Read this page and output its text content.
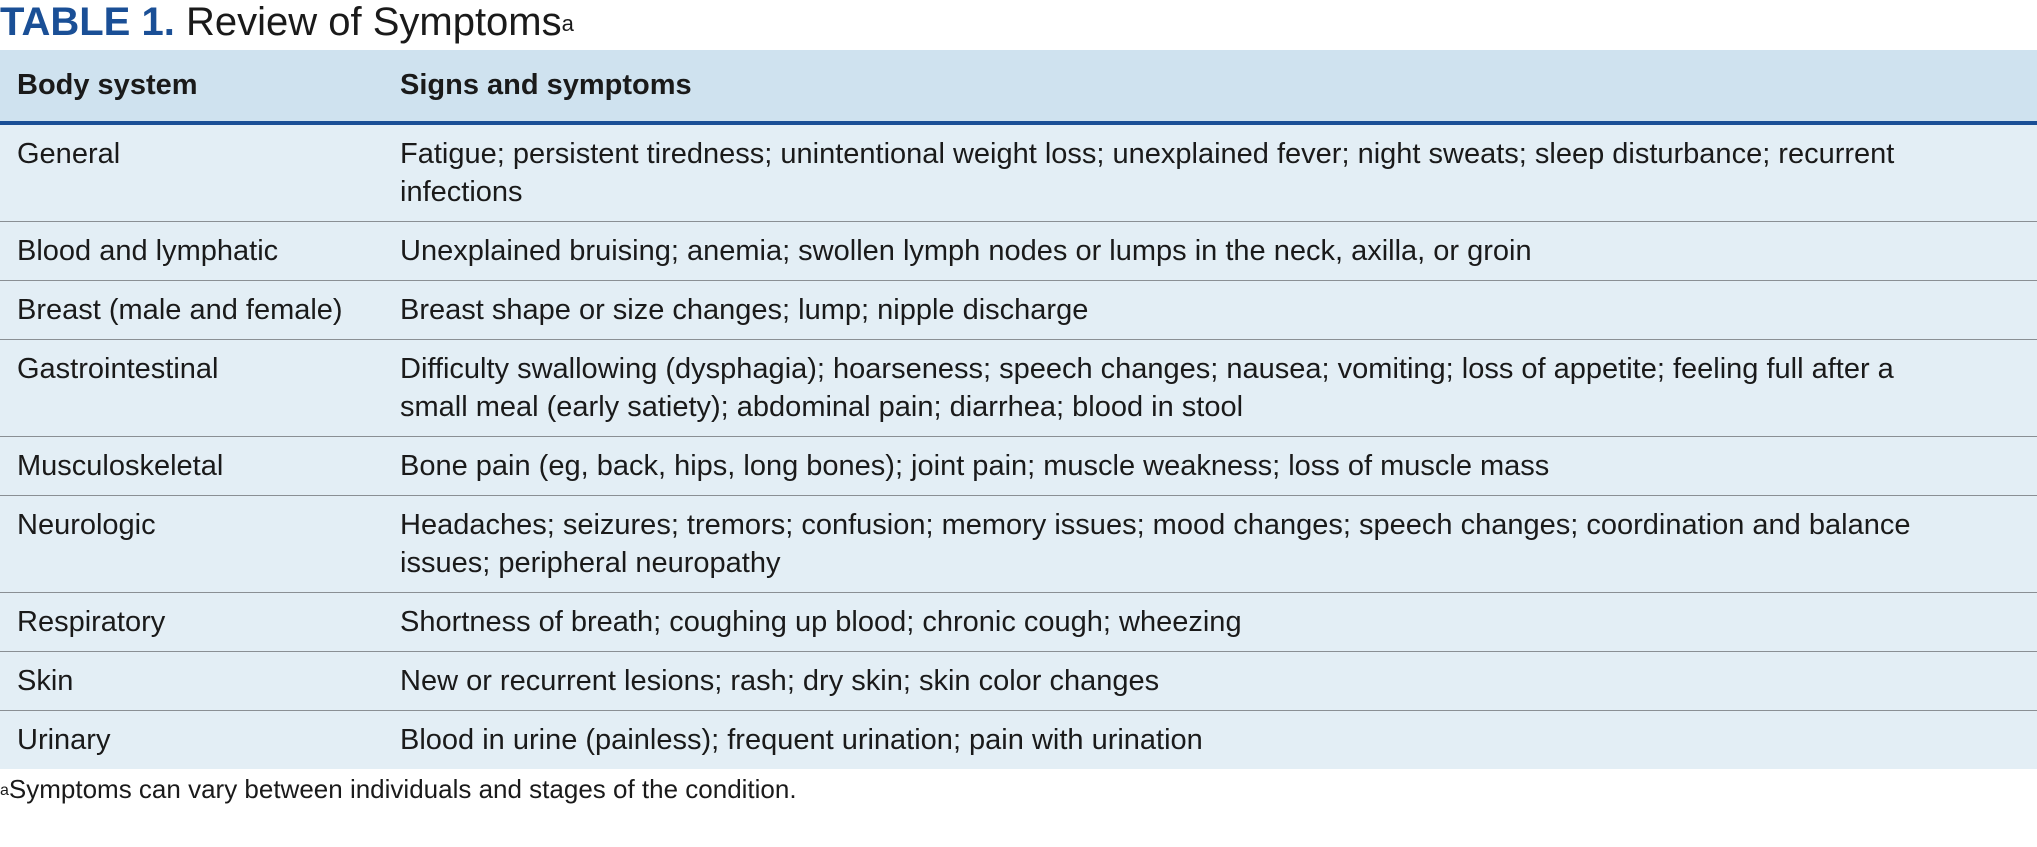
TABLE 1. Review of Symptoms$^a$
Body system	Signs and symptoms
General	Fatigue; persistent tiredness; unintentional weight loss; unexplained fever; night sweats; sleep disturbance; recurrent infections
Blood and lymphatic	Unexplained bruising; anemia; swollen lymph nodes or lumps in the neck, axilla, or groin
Breast (male and female)	Breast shape or size changes; lump; nipple discharge
Gastrointestinal	Difficulty swallowing (dysphagia); hoarseness; speech changes; nausea; vomiting; loss of appetite; feeling full after a small meal (early satiety); abdominal pain; diarrhea; blood in stool
Musculoskeletal	Bone pain (eg, back, hips, long bones); joint pain; muscle weakness; loss of muscle mass
Neurologic	Headaches; seizures; tremors; confusion; memory issues; mood changes; speech changes; coordination and balance issues; peripheral neuropathy
Respiratory	Shortness of breath; coughing up blood; chronic cough; wheezing
Skin	New or recurrent lesions; rash; dry skin; skin color changes
Urinary	Blood in urine (painless); frequent urination; pain with urination
$^a$Symptoms can vary between individuals and stages of the condition.
